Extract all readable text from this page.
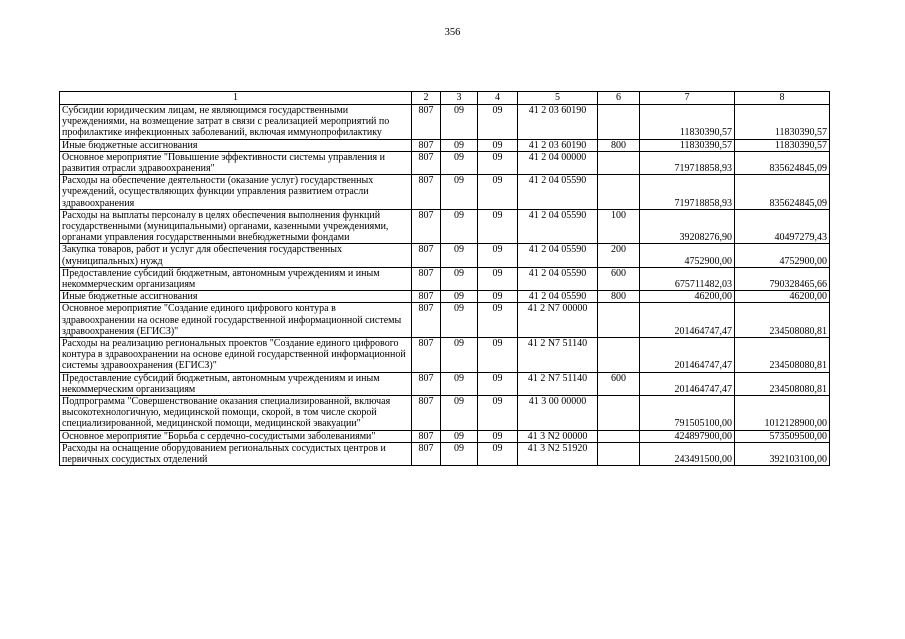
356
1	2	3	4	5	6	7	8
Субсидии юридическим лицам, не являющимся государственными учреждениями, на возмещение затрат в связи с реализацией мероприятий по профилактике инфекционных заболеваний, включая иммунопрофилактику	807	09	09	41 2 03 60190		11830390,57	11830390,57
Иные бюджетные ассигнования	807	09	09	41 2 03 60190	800	11830390,57	11830390,57
Основное мероприятие "Повышение эффективности системы управления и развития отрасли здравоохранения"	807	09	09	41 2 04 00000		719718858,93	835624845,09
Расходы на обеспечение деятельности (оказание услуг) государственных учреждений, осуществляющих функции управления развитием отрасли здравоохранения	807	09	09	41 2 04 05590		719718858,93	835624845,09
Расходы на выплаты персоналу в целях обеспечения выполнения функций государственными (муниципальными) органами, казенными учреждениями, органами управления государственными внебюджетными фондами	807	09	09	41 2 04 05590	100	39208276,90	40497279,43
Закупка товаров, работ и услуг для обеспечения государственных (муниципальных) нужд	807	09	09	41 2 04 05590	200	4752900,00	4752900,00
Предоставление субсидий бюджетным, автономным учреждениям и иным некоммерческим организациям	807	09	09	41 2 04 05590	600	675711482,03	790328465,66
Иные бюджетные ассигнования	807	09	09	41 2 04 05590	800	46200,00	46200,00
Основное мероприятие "Создание единого цифрового контура в здравоохранении на основе единой государственной информационной системы здравоохранения (ЕГИСЗ)"	807	09	09	41 2 N7 00000		201464747,47	234508080,81
Расходы на реализацию региональных проектов "Создание единого цифрового контура в здравоохранении на основе единой государственной информационной системы здравоохранения (ЕГИСЗ)"	807	09	09	41 2 N7 51140		201464747,47	234508080,81
Предоставление субсидий бюджетным, автономным учреждениям и иным некоммерческим организациям	807	09	09	41 2 N7 51140	600	201464747,47	234508080,81
Подпрограмма "Совершенствование оказания специализированной, включая высокотехнологичную, медицинской помощи, скорой, в том числе скорой специализированной, медицинской помощи, медицинской эвакуации"	807	09	09	41 3 00 00000		791505100,00	1012128900,00
Основное мероприятие "Борьба с сердечно-сосудистыми заболеваниями"	807	09	09	41 3 N2 00000		424897900,00	573509500,00
Расходы на оснащение оборудованием региональных сосудистых центров и первичных сосудистых отделений	807	09	09	41 3 N2 51920		243491500,00	392103100,00
